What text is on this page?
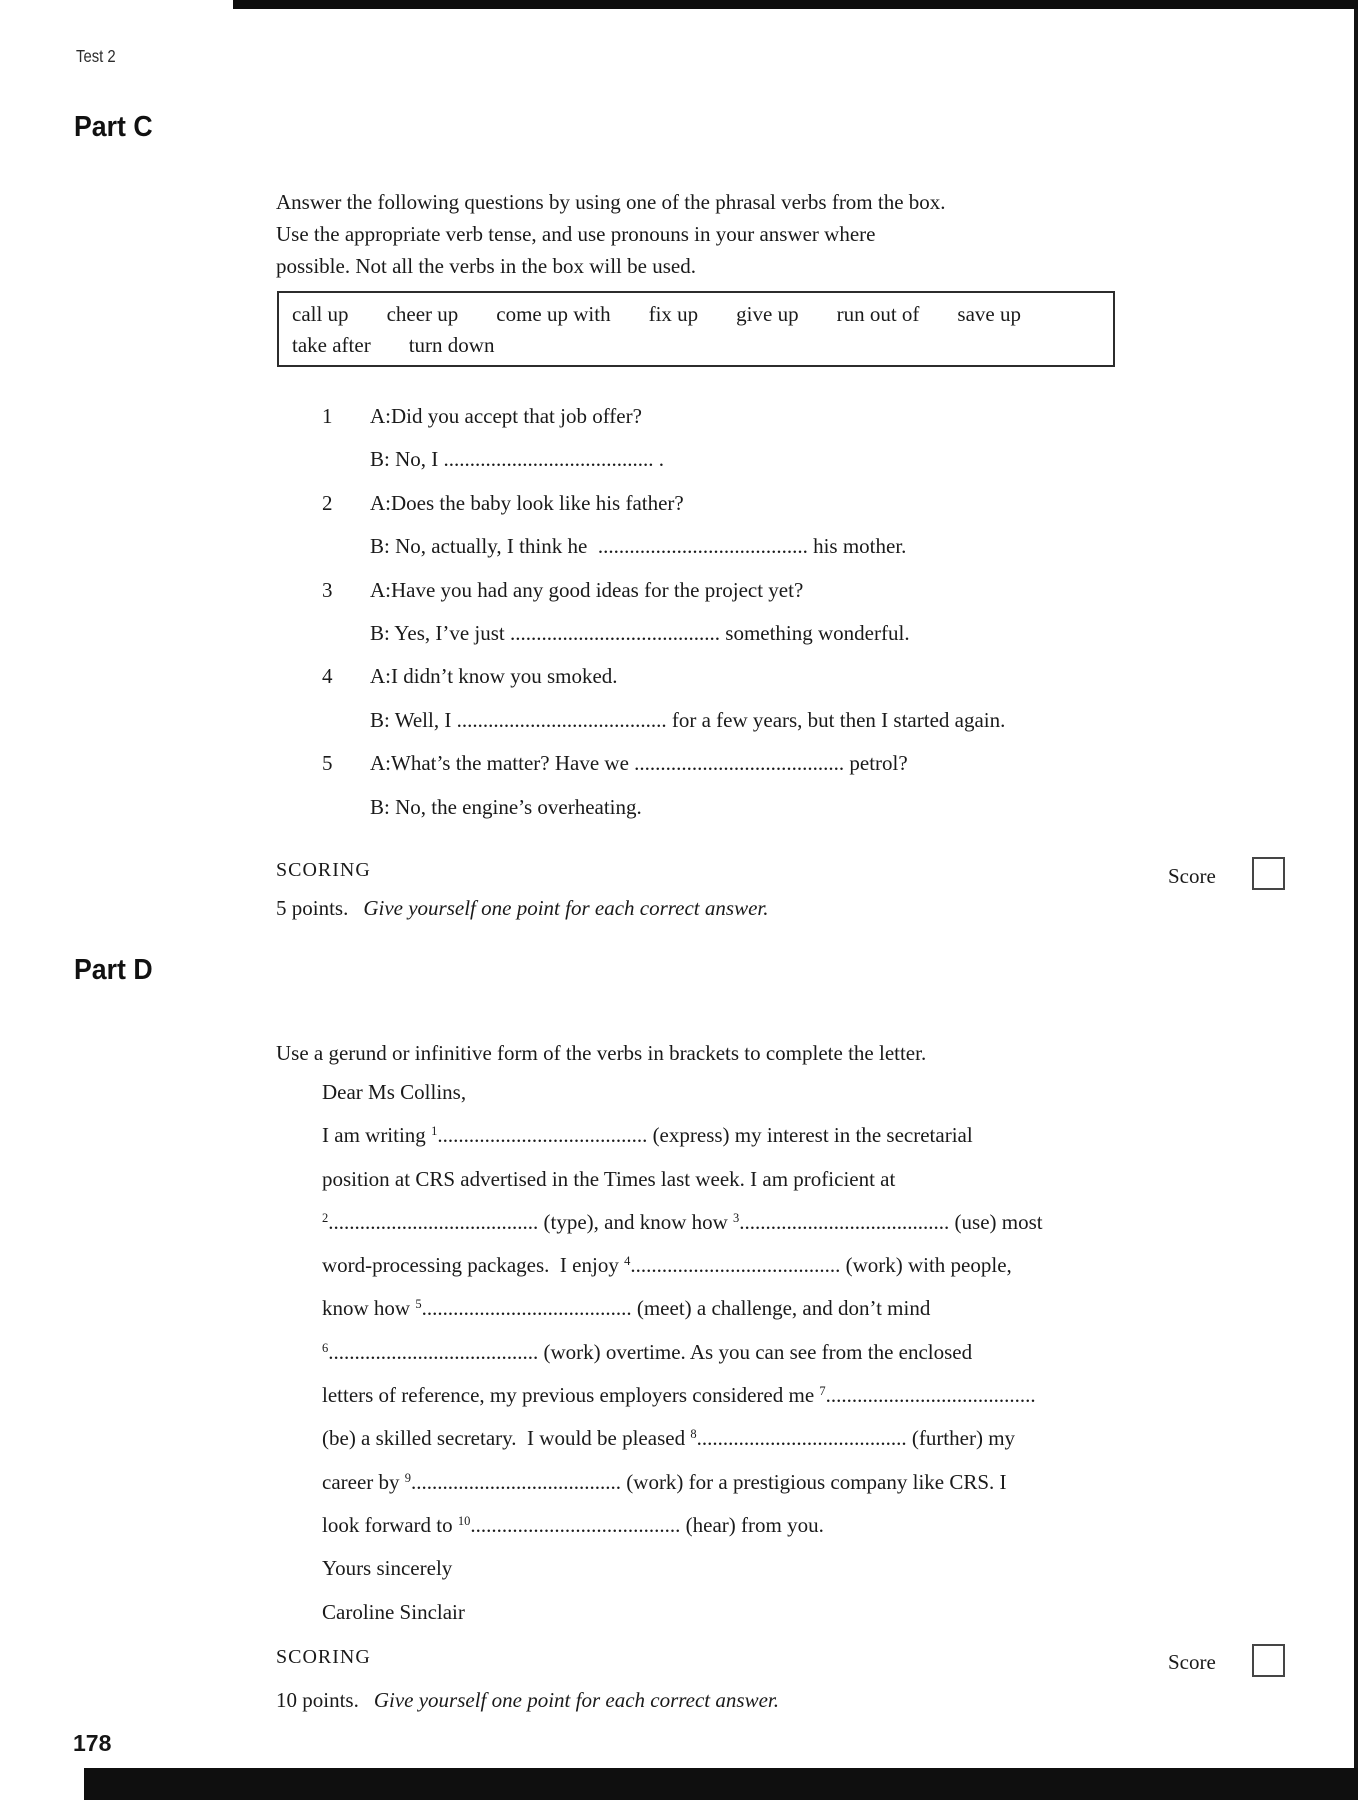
Test 2
Part C
Answer the following questions by using one of the phrasal verbs from the box.
Use the appropriate verb tense, and use pronouns in your answer where
possible. Not all the verbs in the box will be used.
call up cheer up come up with fix up give up run out of save up
take after turn down
1	A:Did you accept that job offer?
B: No, I ........................................ .
2	A:Does the baby look like his father?
B: No, actually, I think he  ........................................ his mother.
3	A:Have you had any good ideas for the project yet?
B: Yes, I’ve just ........................................ something wonderful.
4	A:I didn’t know you smoked.
B: Well, I ........................................ for a few years, but then I started again.
5	A:What’s the matter? Have we ........................................ petrol?
B: No, the engine’s overheating.
SCORING	Score
5 points. Give yourself one point for each correct answer.
Part D
Use a gerund or infinitive form of the verbs in brackets to complete the letter.
Dear Ms Collins,
I am writing $^1$........................................ (express) my interest in the secretarial
position at CRS advertised in the Times last week. I am proficient at
$^2$........................................ (type), and know how $^3$........................................ (use) most
word-processing packages.  I enjoy $^4$........................................ (work) with people,
know how $^5$........................................ (meet) a challenge, and don’t mind
$^6$........................................ (work) overtime. As you can see from the enclosed
letters of reference, my previous employers considered me $^7$........................................
(be) a skilled secretary.  I would be pleased $^8$........................................ (further) my
career by $^9$........................................ (work) for a prestigious company like CRS. I
look forward to $^{10}$........................................ (hear) from you.
Yours sincerely
Caroline Sinclair
SCORING	Score
10 points. Give yourself one point for each correct answer.
178
